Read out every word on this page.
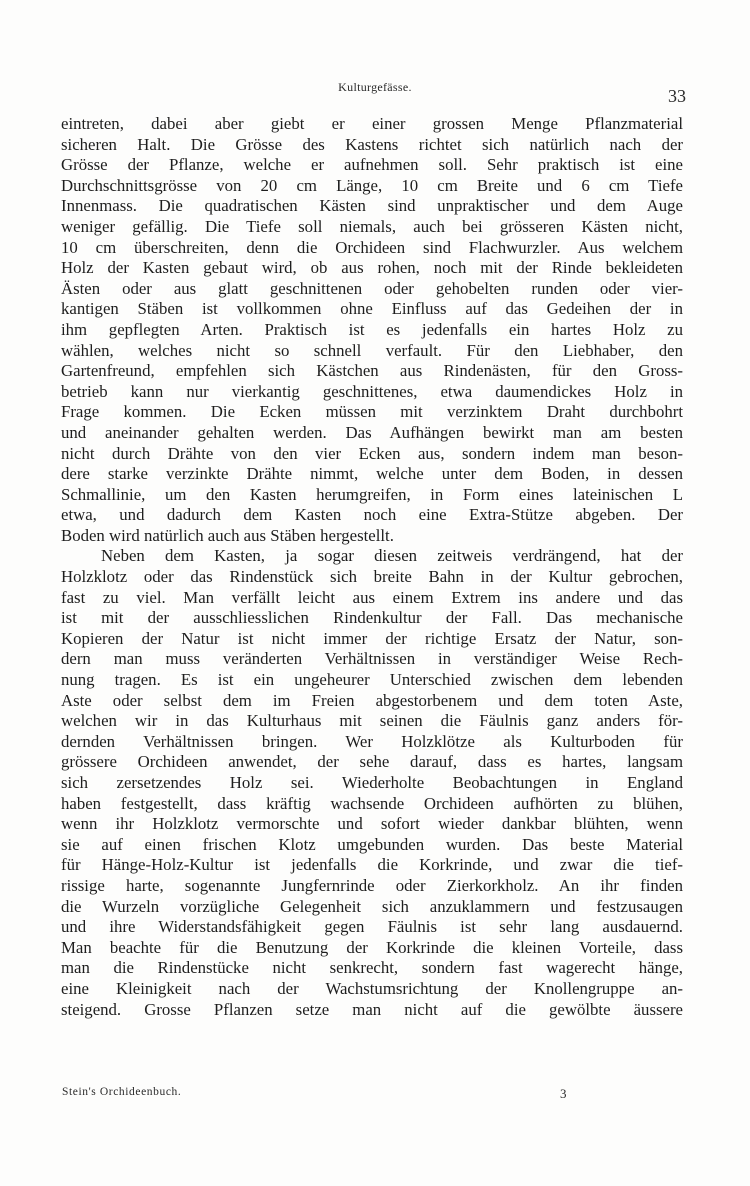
Kulturgefässe.	33
eintreten, dabei aber giebt er einer grossen Menge Pflanzmaterial
sicheren Halt. Die Grösse des Kastens richtet sich natürlich nach der
Grösse der Pflanze, welche er aufnehmen soll. Sehr praktisch ist eine
Durchschnittsgrösse von 20 cm Länge, 10 cm Breite und 6 cm Tiefe
Innenmass. Die quadratischen Kästen sind unpraktischer und dem Auge
weniger gefällig. Die Tiefe soll niemals, auch bei grösseren Kästen nicht,
10 cm überschreiten, denn die Orchideen sind Flachwurzler. Aus welchem
Holz der Kasten gebaut wird, ob aus rohen, noch mit der Rinde bekleideten
Ästen oder aus glatt geschnittenen oder gehobelten runden oder vier-
kantigen Stäben ist vollkommen ohne Einfluss auf das Gedeihen der in
ihm gepflegten Arten. Praktisch ist es jedenfalls ein hartes Holz zu
wählen, welches nicht so schnell verfault. Für den Liebhaber, den
Gartenfreund, empfehlen sich Kästchen aus Rindenästen, für den Gross-
betrieb kann nur vierkantig geschnittenes, etwa daumendickes Holz in
Frage kommen. Die Ecken müssen mit verzinktem Draht durchbohrt
und aneinander gehalten werden. Das Aufhängen bewirkt man am besten
nicht durch Drähte von den vier Ecken aus, sondern indem man beson-
dere starke verzinkte Drähte nimmt, welche unter dem Boden, in dessen
Schmallinie, um den Kasten herumgreifen, in Form eines lateinischen L
etwa, und dadurch dem Kasten noch eine Extra-Stütze abgeben. Der
Boden wird natürlich auch aus Stäben hergestellt.
Neben dem Kasten, ja sogar diesen zeitweis verdrängend, hat der
Holzklotz oder das Rindenstück sich breite Bahn in der Kultur gebrochen,
fast zu viel. Man verfällt leicht aus einem Extrem ins andere und das
ist mit der ausschliesslichen Rindenkultur der Fall. Das mechanische
Kopieren der Natur ist nicht immer der richtige Ersatz der Natur, son-
dern man muss veränderten Verhältnissen in verständiger Weise Rech-
nung tragen. Es ist ein ungeheurer Unterschied zwischen dem lebenden
Aste oder selbst dem im Freien abgestorbenem und dem toten Aste,
welchen wir in das Kulturhaus mit seinen die Fäulnis ganz anders för-
dernden Verhältnissen bringen. Wer Holzklötze als Kulturboden für
grössere Orchideen anwendet, der sehe darauf, dass es hartes, langsam
sich zersetzendes Holz sei. Wiederholte Beobachtungen in England
haben festgestellt, dass kräftig wachsende Orchideen aufhörten zu blühen,
wenn ihr Holzklotz vermorschte und sofort wieder dankbar blühten, wenn
sie auf einen frischen Klotz umgebunden wurden. Das beste Material
für Hänge-Holz-Kultur ist jedenfalls die Korkrinde, und zwar die tief-
rissige harte, sogenannte Jungfernrinde oder Zierkorkholz. An ihr finden
die Wurzeln vorzügliche Gelegenheit sich anzuklammern und festzusaugen
und ihre Widerstandsfähigkeit gegen Fäulnis ist sehr lang ausdauernd.
Man beachte für die Benutzung der Korkrinde die kleinen Vorteile, dass
man die Rindenstücke nicht senkrecht, sondern fast wagerecht hänge,
eine Kleinigkeit nach der Wachstumsrichtung der Knollengruppe an-
steigend. Grosse Pflanzen setze man nicht auf die gewölbte äussere
Stein's Orchideenbuch.	3
